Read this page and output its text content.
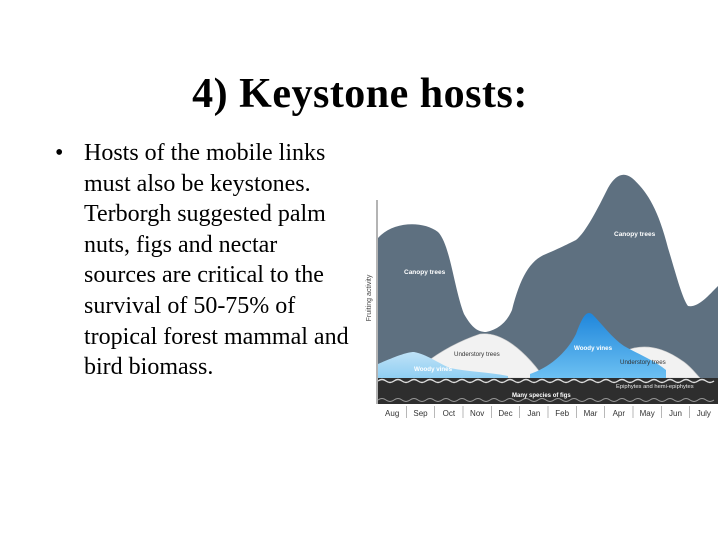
4) Keystone hosts:
• Hosts of the mobile links must also be keystones. Terborgh suggested palm nuts, figs and nectar sources are critical to the survival of 50-75% of tropical forest mammal and bird biomass.
Fruiting activity
Canopy trees
Canopy trees
Understory trees
Understory trees
Woody vines
Woody vines
Epiphytes and hemi-epiphytes
Many species of figs
Aug Sep Oct Nov Dec Jan Feb Mar Apr May Jun July
